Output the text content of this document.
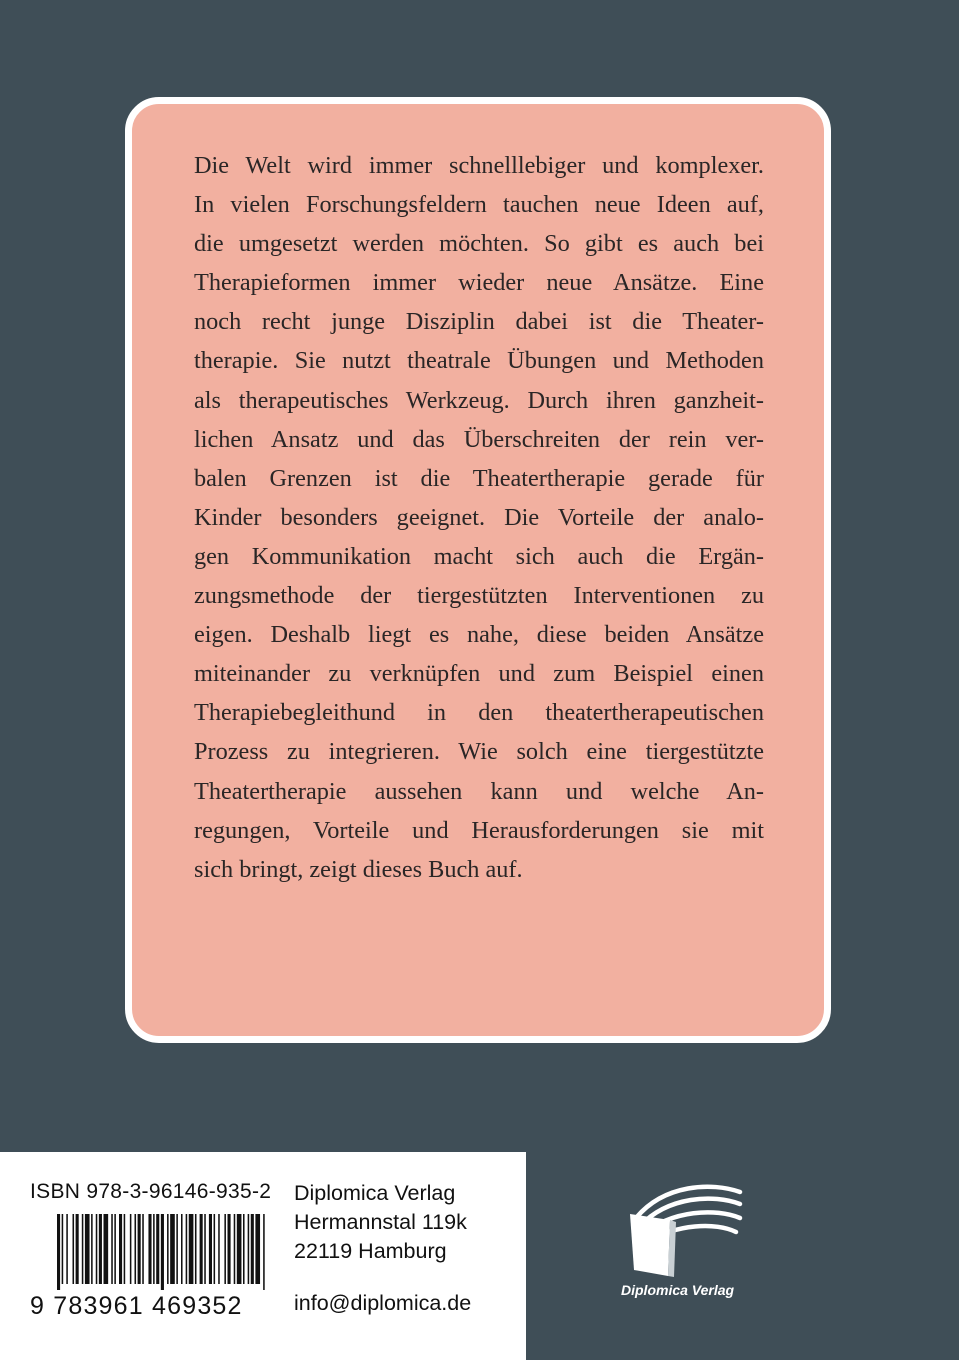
Die Welt wird immer schnelllebiger und komplexer.
In vielen Forschungsfeldern tauchen neue Ideen auf,
die umgesetzt werden möchten. So gibt es auch bei
Therapieformen immer wieder neue Ansätze. Eine
noch recht junge Disziplin dabei ist die Theater-
therapie. Sie nutzt theatrale Übungen und Methoden
als therapeutisches Werkzeug. Durch ihren ganzheit-
lichen Ansatz und das Überschreiten der rein ver-
balen Grenzen ist die Theatertherapie gerade für
Kinder besonders geeignet. Die Vorteile der analo-
gen Kommunikation macht sich auch die Ergän-
zungsmethode der tiergestützten Interventionen zu
eigen. Deshalb liegt es nahe, diese beiden Ansätze
miteinander zu verknüpfen und zum Beispiel einen
Therapiebegleithund in den theatertherapeutischen
Prozess zu integrieren. Wie solch eine tiergestützte
Theatertherapie aussehen kann und welche An-
regungen, Vorteile und Herausforderungen sie mit
sich bringt, zeigt dieses Buch auf.

ISBN 978-3-96146-935-2
9 783961 469352
Diplomica Verlag
Hermannstal 119k
22119 Hamburg
info@diplomica.de
Diplomica Verlag
